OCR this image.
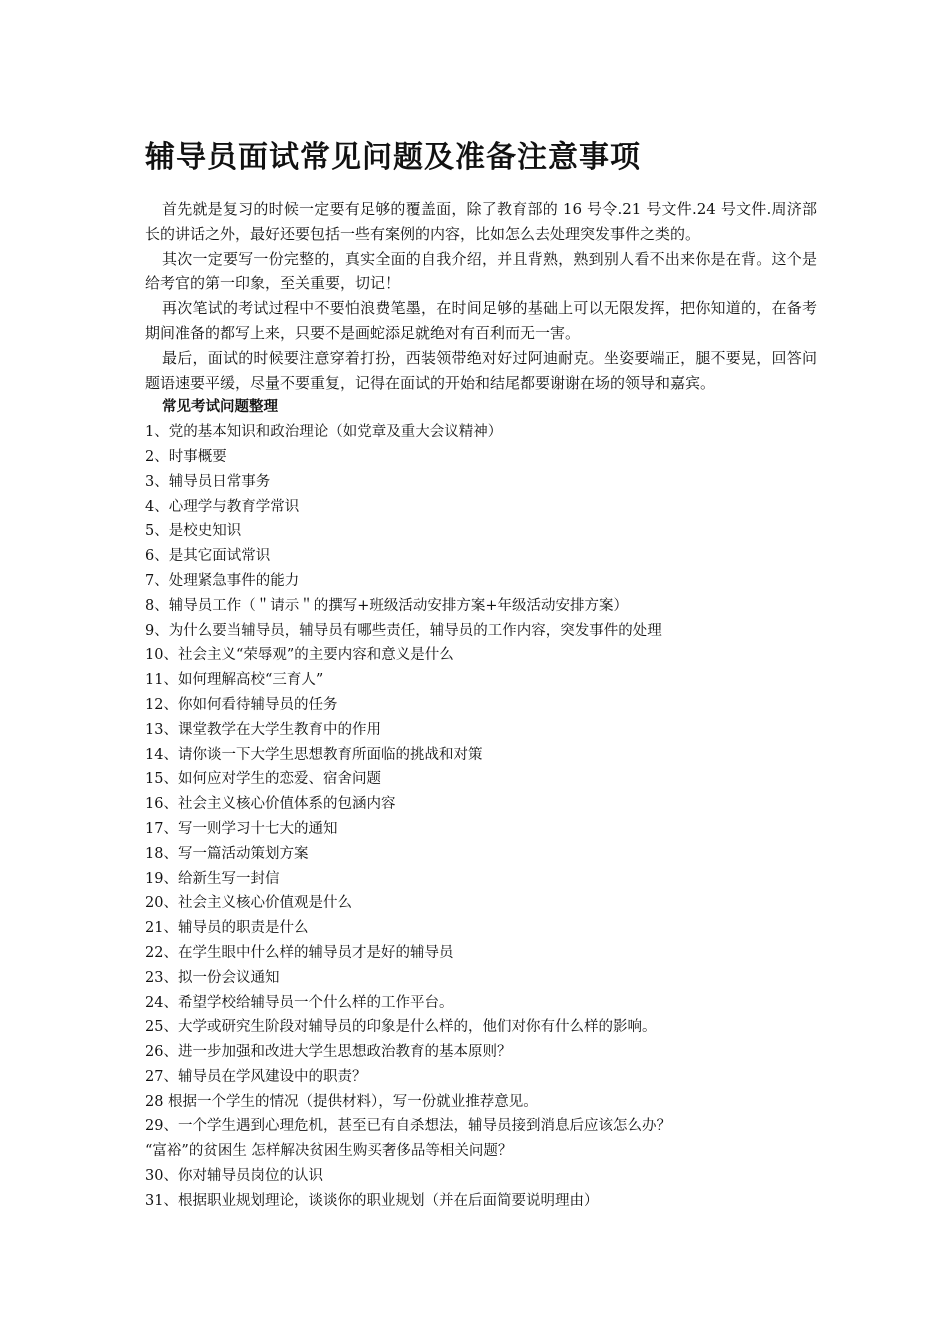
辅导员面试常见问题及准备注意事项

首先就是复习的时候一定要有足够的覆盖面，除了教育部的 16 号令.21 号文件.24 号文件.周济部长的讲话之外，最好还要包括一些有案例的内容，比如怎么去处理突发事件之类的。

其次一定要写一份完整的，真实全面的自我介绍，并且背熟，熟到别人看不出来你是在背。这个是给考官的第一印象，至关重要，切记！

再次笔试的考试过程中不要怕浪费笔墨，在时间足够的基础上可以无限发挥，把你知道的，在备考期间准备的都写上来，只要不是画蛇添足就绝对有百利而无一害。

最后，面试的时候要注意穿着打扮，西装领带绝对好过阿迪耐克。坐姿要端正，腿不要晃，回答问题语速要平缓，尽量不要重复，记得在面试的开始和结尾都要谢谢在场的领导和嘉宾。

常见考试问题整理

1、党的基本知识和政治理论（如党章及重大会议精神）
2、时事概要
3、辅导员日常事务
4、心理学与教育学常识
5、是校史知识
6、是其它面试常识
7、处理紧急事件的能力
8、辅导员工作（＂请示＂的撰写+班级活动安排方案+年级活动安排方案）
9、为什么要当辅导员，辅导员有哪些责任，辅导员的工作内容，突发事件的处理
10、社会主义“荣辱观”的主要内容和意义是什么
11、如何理解高校“三育人”
12、你如何看待辅导员的任务
13、课堂教学在大学生教育中的作用
14、请你谈一下大学生思想教育所面临的挑战和对策
15、如何应对学生的恋爱、宿舍问题
16、社会主义核心价值体系的包涵内容
17、写一则学习十七大的通知
18、写一篇活动策划方案
19、给新生写一封信
20、社会主义核心价值观是什么
21、辅导员的职责是什么
22、在学生眼中什么样的辅导员才是好的辅导员
23、拟一份会议通知
24、希望学校给辅导员一个什么样的工作平台。
25、大学或研究生阶段对辅导员的印象是什么样的，他们对你有什么样的影响。
26、进一步加强和改进大学生思想政治教育的基本原则？
27、辅导员在学风建设中的职责？
28 根据一个学生的情况（提供材料），写一份就业推荐意见。
29、一个学生遇到心理危机，甚至已有自杀想法，辅导员接到消息后应该怎么办？
“富裕”的贫困生 怎样解决贫困生购买奢侈品等相关问题？
30、你对辅导员岗位的认识
31、根据职业规划理论，谈谈你的职业规划（并在后面简要说明理由）
